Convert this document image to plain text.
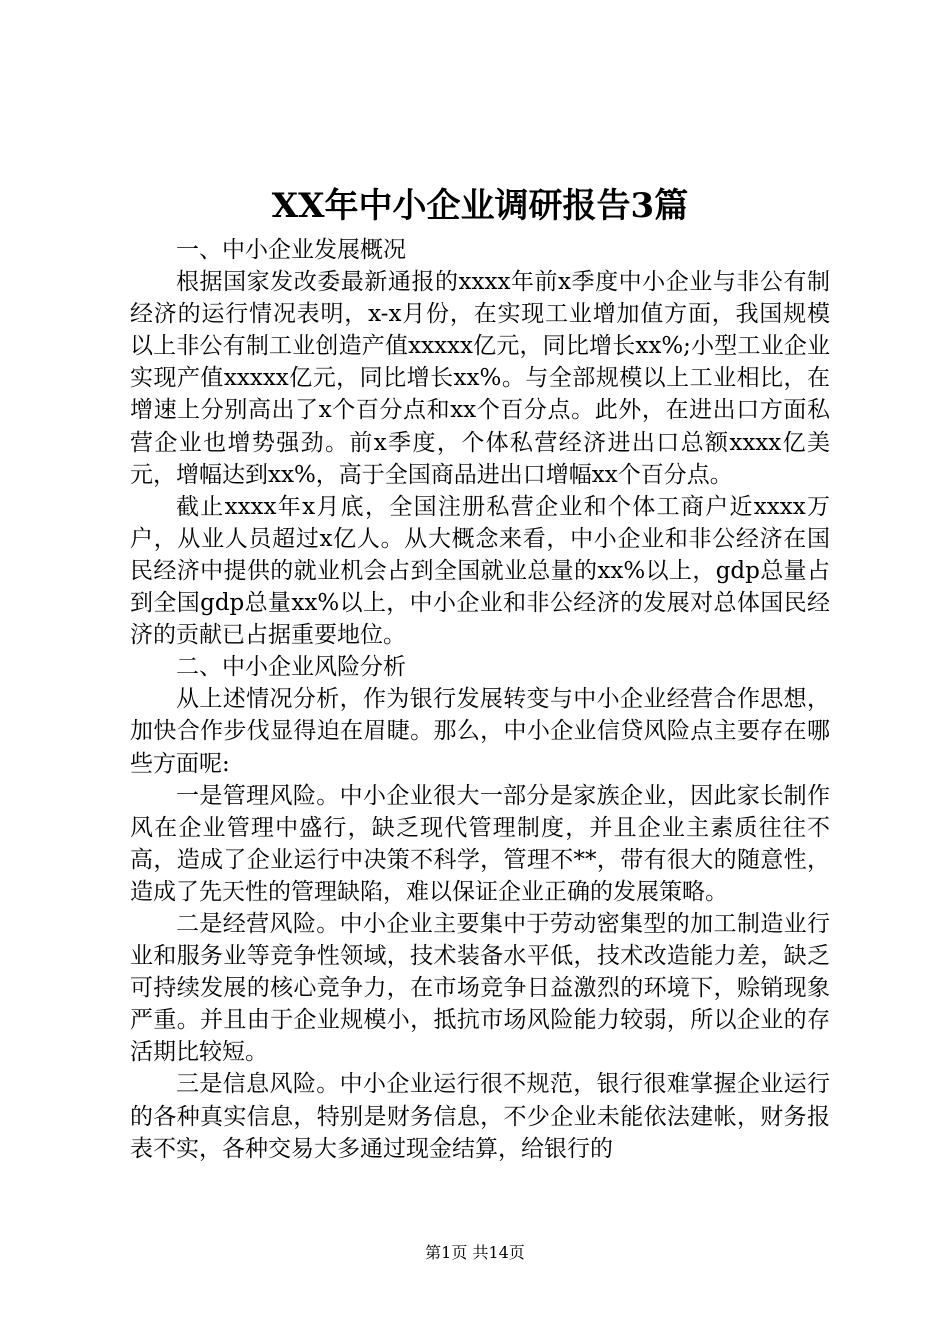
XX年中小企业调研报告3篇

一、中小企业发展概况

根据国家发改委最新通报的xxxx年前x季度中小企业与非公有制经济的运行情况表明，x-x月份，在实现工业增加值方面，我国规模以上非公有制工业创造产值xxxxx亿元，同比增长xx%;小型工业企业实现产值xxxxx亿元，同比增长xx%。与全部规模以上工业相比，在增速上分别高出了x个百分点和xx个百分点。此外，在进出口方面私营企业也增势强劲。前x季度，个体私营经济进出口总额xxxx亿美元，增幅达到xx%，高于全国商品进出口增幅xx个百分点。

截止xxxx年x月底，全国注册私营企业和个体工商户近xxxx万户，从业人员超过x亿人。从大概念来看，中小企业和非公经济在国民经济中提供的就业机会占到全国就业总量的xx%以上，gdp总量占到全国gdp总量xx%以上，中小企业和非公经济的发展对总体国民经济的贡献已占据重要地位。

二、中小企业风险分析

从上述情况分析，作为银行发展转变与中小企业经营合作思想，加快合作步伐显得迫在眉睫。那么，中小企业信贷风险点主要存在哪些方面呢:

一是管理风险。中小企业很大一部分是家族企业，因此家长制作风在企业管理中盛行，缺乏现代管理制度，并且企业主素质往往不高，造成了企业运行中决策不科学，管理不**，带有很大的随意性，造成了先天性的管理缺陷，难以保证企业正确的发展策略。

二是经营风险。中小企业主要集中于劳动密集型的加工制造业行业和服务业等竞争性领域，技术装备水平低，技术改造能力差，缺乏可持续发展的核心竞争力，在市场竞争日益激烈的环境下，赊销现象严重。并且由于企业规模小，抵抗市场风险能力较弱，所以企业的存活期比较短。

三是信息风险。中小企业运行很不规范，银行很难掌握企业运行的各种真实信息，特别是财务信息，不少企业未能依法建帐，财务报表不实，各种交易大多通过现金结算，给银行的

第1页 共14页
